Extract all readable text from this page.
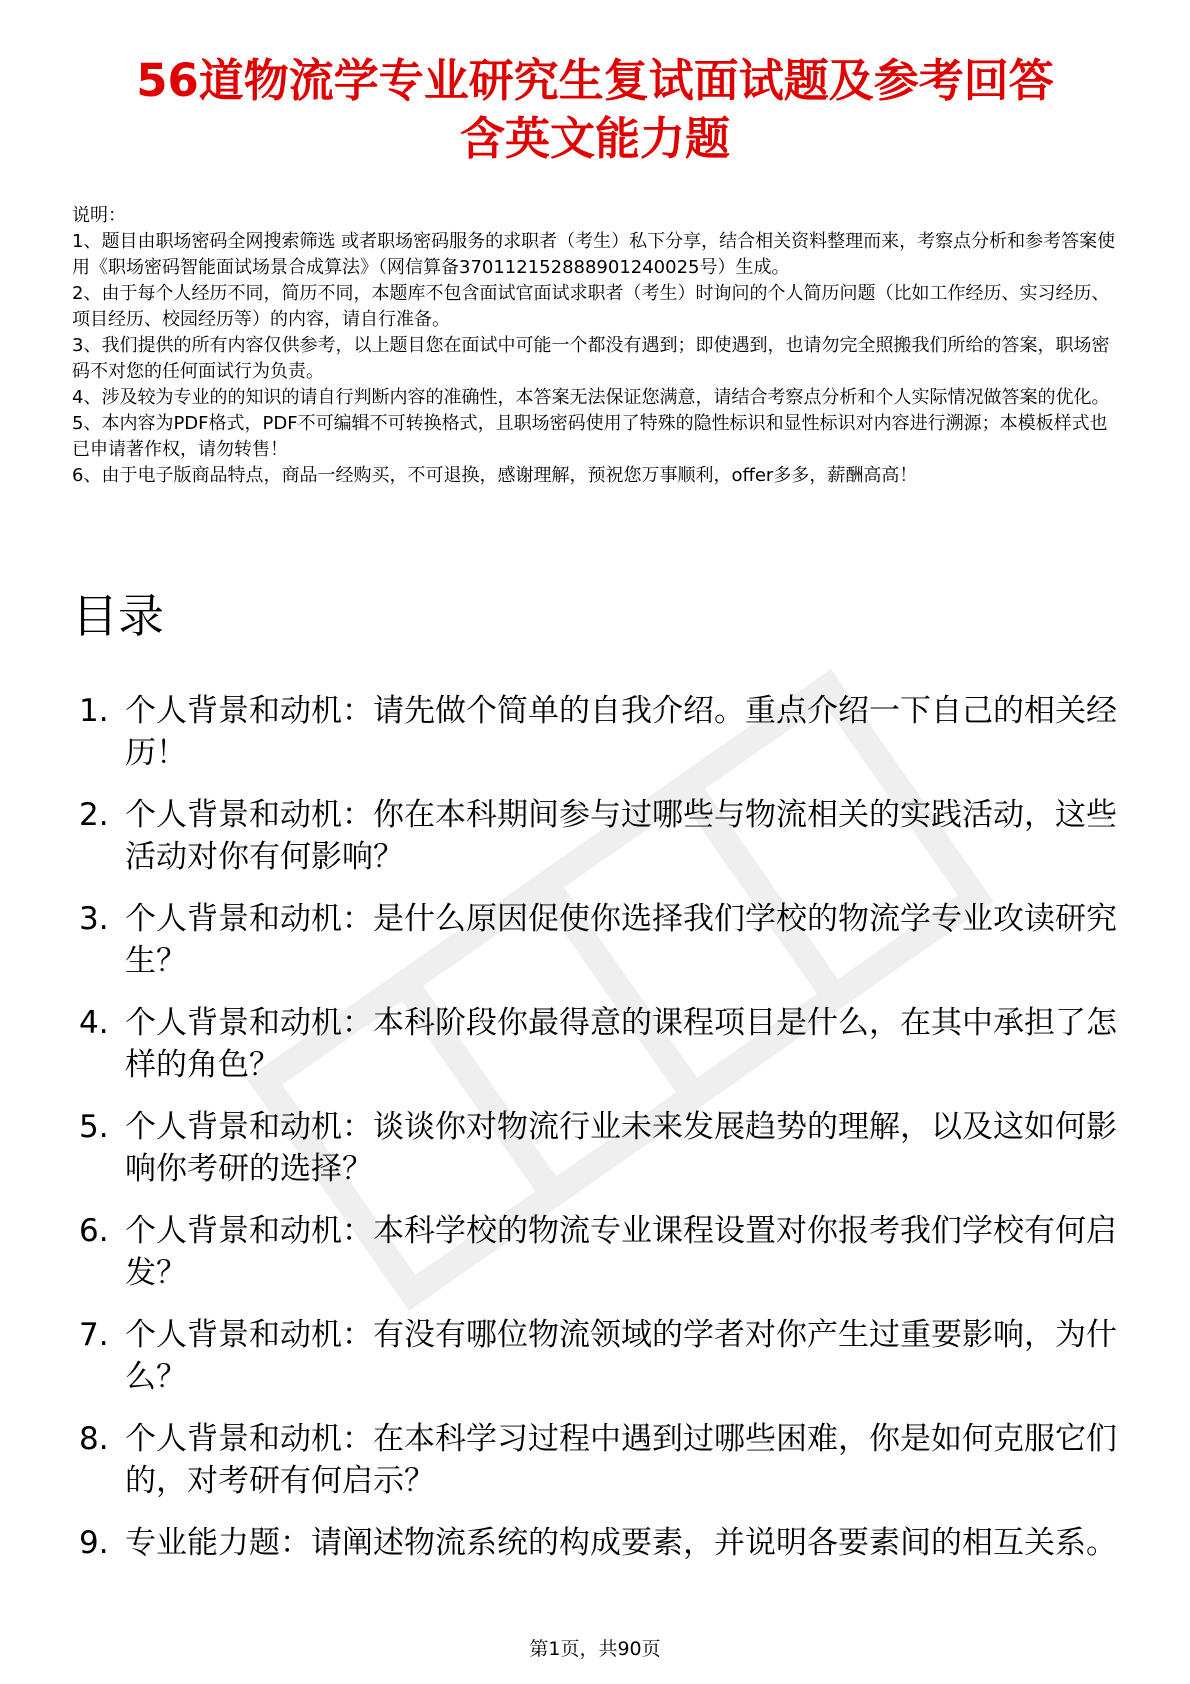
56道物流学专业研究生复试面试题及参考回答
含英文能力题

说明：

1、题目由职场密码全网搜索筛选 或者职场密码服务的求职者（考生）私下分享，结合相关资料整理而来，考察点分析和参考答案使用《职场密码智能面试场景合成算法》（网信算备370112152888901240025号）生成。

2、由于每个人经历不同，简历不同，本题库不包含面试官面试求职者（考生）时询问的个人简历问题（比如工作经历、实习经历、项目经历、校园经历等）的内容，请自行准备。

3、我们提供的所有内容仅供参考，以上题目您在面试中可能一个都没有遇到；即使遇到，也请勿完全照搬我们所给的答案，职场密码不对您的任何面试行为负责。

4、涉及较为专业的的知识的请自行判断内容的准确性，本答案无法保证您满意，请结合考察点分析和个人实际情况做答案的优化。

5、本内容为PDF格式，PDF不可编辑不可转换格式，且职场密码使用了特殊的隐性标识和显性标识对内容进行溯源；本模板样式也已申请著作权，请勿转售！

6、由于电子版商品特点，商品一经购买，不可退换，感谢理解，预祝您万事顺利，offer多多，薪酬高高！

目录
1. 个人背景和动机：请先做个简单的自我介绍。重点介绍一下自己的相关经历！
2. 个人背景和动机：你在本科期间参与过哪些与物流相关的实践活动，这些活动对你有何影响？
3. 个人背景和动机：是什么原因促使你选择我们学校的物流学专业攻读研究生？
4. 个人背景和动机：本科阶段你最得意的课程项目是什么，在其中承担了怎样的角色？
5. 个人背景和动机：谈谈你对物流行业未来发展趋势的理解，以及这如何影响你考研的选择？
6. 个人背景和动机：本科学校的物流专业课程设置对你报考我们学校有何启发？
7. 个人背景和动机：有没有哪位物流领域的学者对你产生过重要影响，为什么？
8. 个人背景和动机：在本科学习过程中遇到过哪些困难，你是如何克服它们的，对考研有何启示？
9. 专业能力题：请阐述物流系统的构成要素，并说明各要素间的相互关系。
第1页，共90页
